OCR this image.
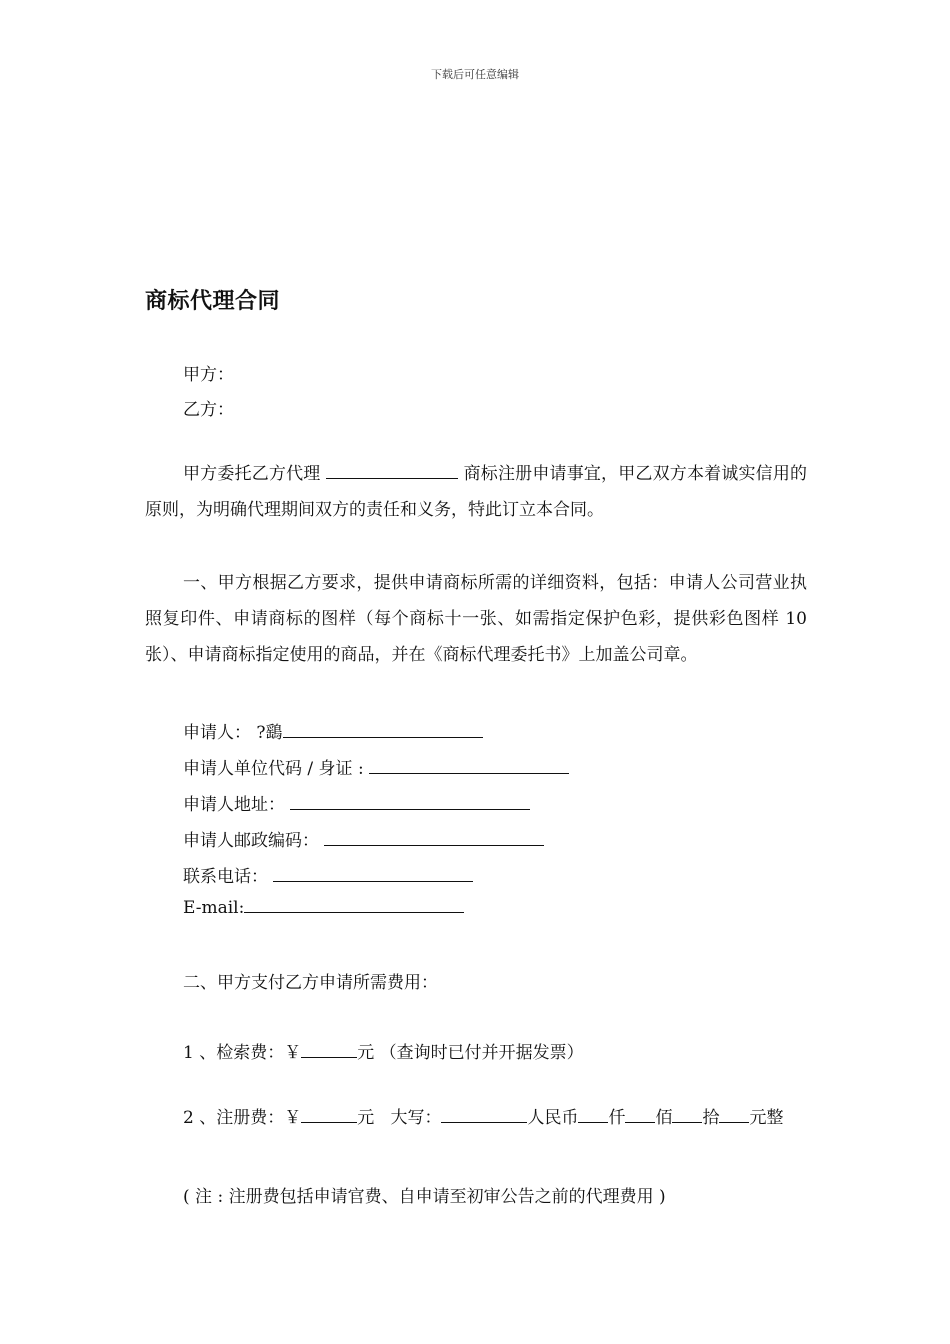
下载后可任意编辑
商标代理合同
甲方：
乙方：
甲方委托乙方代理	商标注册申请事宜，甲乙双方本着诚实信用的原则，为明确代理期间双方的责任和义务，特此订立本合同。
一、甲方根据乙方要求，提供申请商标所需的详细资料，包括：申请人公司营业执照复印件、申请商标的图样（每个商标十一张、如需指定保护色彩，提供彩色图样 10 张）、申请商标指定使用的商品，并在《商标代理委托书》上加盖公司章。
申请人： ?鷂
申请人单位代码 / 身证 :
申请人地址：
申请人邮政编码：
联系电话：
E-mail:
二、甲方支付乙方申请所需费用：
1 、检索费：￥	元 （查询时已付并开据发票）
2 、注册费：￥	元 大写：	人民币 仟 佰 拾 元整
( 注 : 注册费包括申请官费、自申请至初审公告之前的代理费用 )
